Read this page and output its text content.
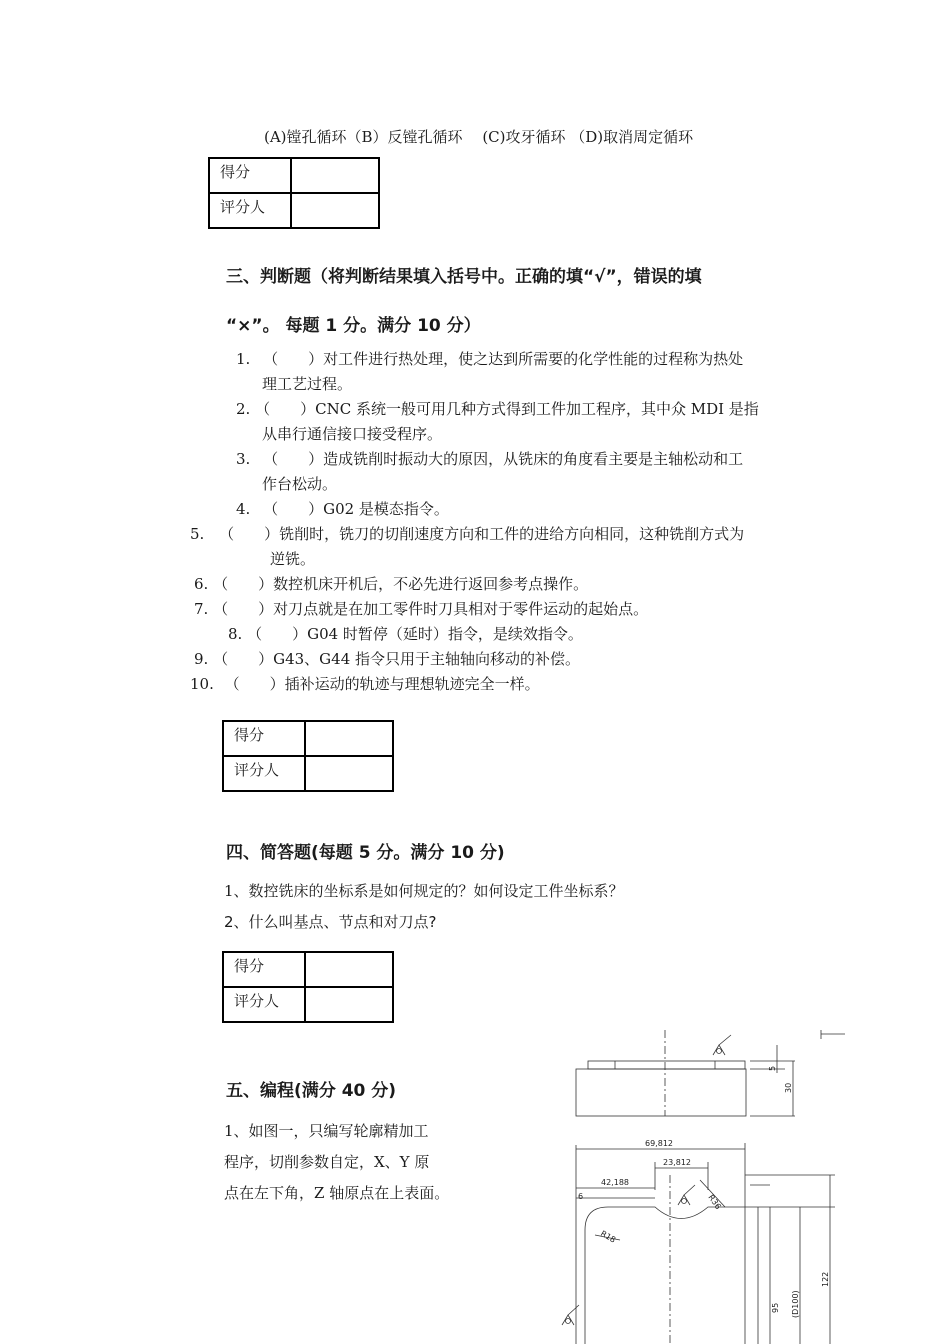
(A)镗孔循环（B）反镗孔循环 　(C)攻牙循环 （D)取消周定循环
得分	
评分人	
三、判断题（将判断结果填入括号中。正确的填“√”，错误的填
“×”。 每题 1 分。满分 10 分）
1. （　　）对工件进行热处理，使之达到所需要的化学性能的过程称为热处
理工艺过程。
2. （　　）CNC 系统一般可用几种方式得到工件加工程序，其中众 MDI 是指
从串行通信接口接受程序。
3. （　　）造成铣削时振动大的原因，从铣床的角度看主要是主轴松动和工
作台松动。
4. （　　）G02 是模态指令。
5. （　　）铣削时，铣刀的切削速度方向和工件的进给方向相同，这种铣削方式为
逆铣。
6. （　　）数控机床开机后，不必先进行返回参考点操作。
7. （　　）对刀点就是在加工零件时刀具相对于零件运动的起始点。
8. （　　）G04 时暂停（延时）指令，是续效指令。
9. （　　）G43、G44 指令只用于主轴轴向移动的补偿。
10. （　　）插补运动的轨迹与理想轨迹完全一样。
得分	
评分人	
四、简答题(每题 5 分。满分 10 分)
1、数控铣床的坐标系是如何规定的？如何设定工件坐标系？
2、什么叫基点、节点和对刀点?
得分	
评分人	
五、编程(满分 40 分)
1、如图一，只编写轮廓精加工
程序，切削参数自定，X、Y 原
点在左下角，Z 轴原点在上表面。
5
30
69,812
23,812
42,188
6	R36
R18
95 (D100)
122
